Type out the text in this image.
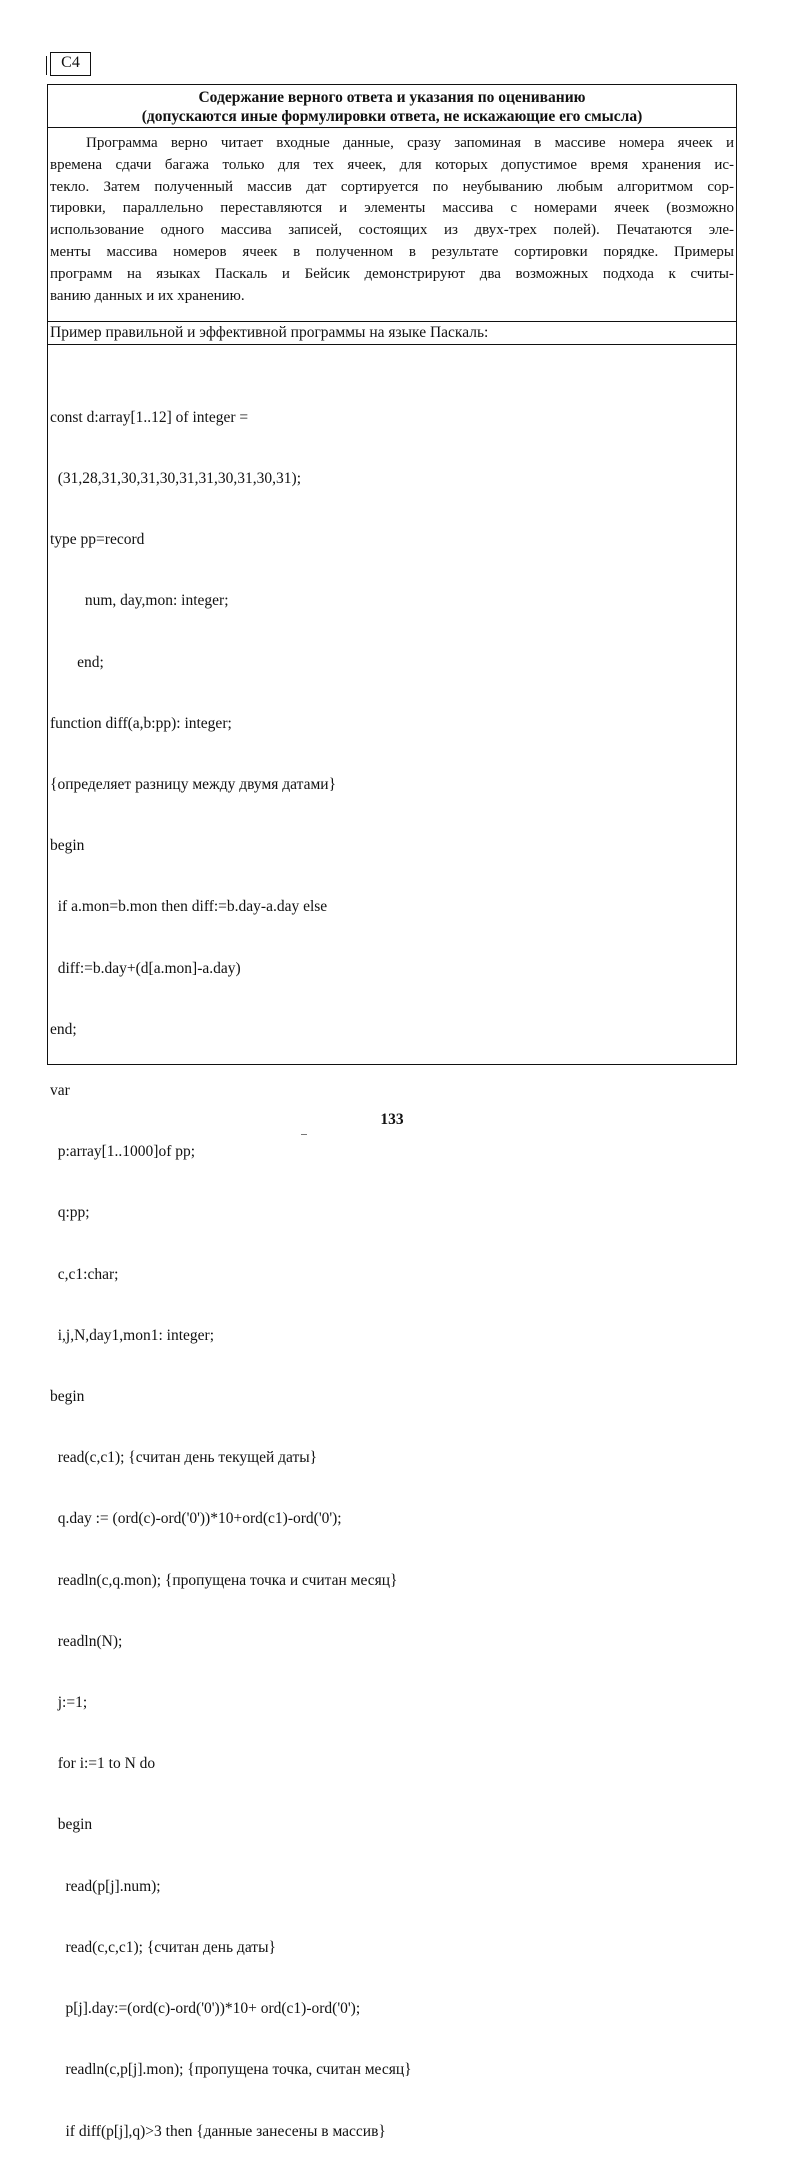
C4
Содержание верного ответа и указания по оцениванию
(допускаются иные формулировки ответа, не искажающие его смысла)
Программа верно читает входные данные, сразу запоминая в массиве номера ячеек и
времена сдачи багажа только для тех ячеек, для которых допустимое время хранения ис-
текло. Затем полученный массив дат сортируется по неубыванию любым алгоритмом сор-
тировки, параллельно переставляются и элементы массива с номерами ячеек (возможно
использование одного массива записей, состоящих из двух-трех полей). Печатаются эле-
менты массива номеров ячеек в полученном в результате сортировки порядке. Примеры
программ на языках Паскаль и Бейсик демонстрируют два возможных подхода к считы-
ванию данных и их хранению.
Пример правильной и эффективной программы на языке Паскаль:

const d:array[1..12] of integer =

(31,28,31,30,31,30,31,31,30,31,30,31);

type pp=record

num, day,mon: integer;

end;

function diff(a,b:pp): integer;

{определяет разницу между двумя датами}

begin

if a.mon=b.mon then diff:=b.day-a.day else

diff:=b.day+(d[a.mon]-a.day)

end;

var

p:array[1..1000]of pp;

q:pp;

c,c1:char;

i,j,N,day1,mon1: integer;

begin

read(c,c1); {считан день текущей даты}

q.day := (ord(c)-ord('0'))*10+ord(c1)-ord('0');

readln(c,q.mon); {пропущена точка и считан месяц}

readln(N);

j:=1;

for i:=1 to N do

begin

read(p[j].num);

read(c,c,c1); {считан день даты}

p[j].day:=(ord(c)-ord('0'))*10+ ord(c1)-ord('0');

readln(c,p[j].mon); {пропущена точка, считан месяц}

if diff(p[j],q)>3 then {данные занесены в массив}

133
